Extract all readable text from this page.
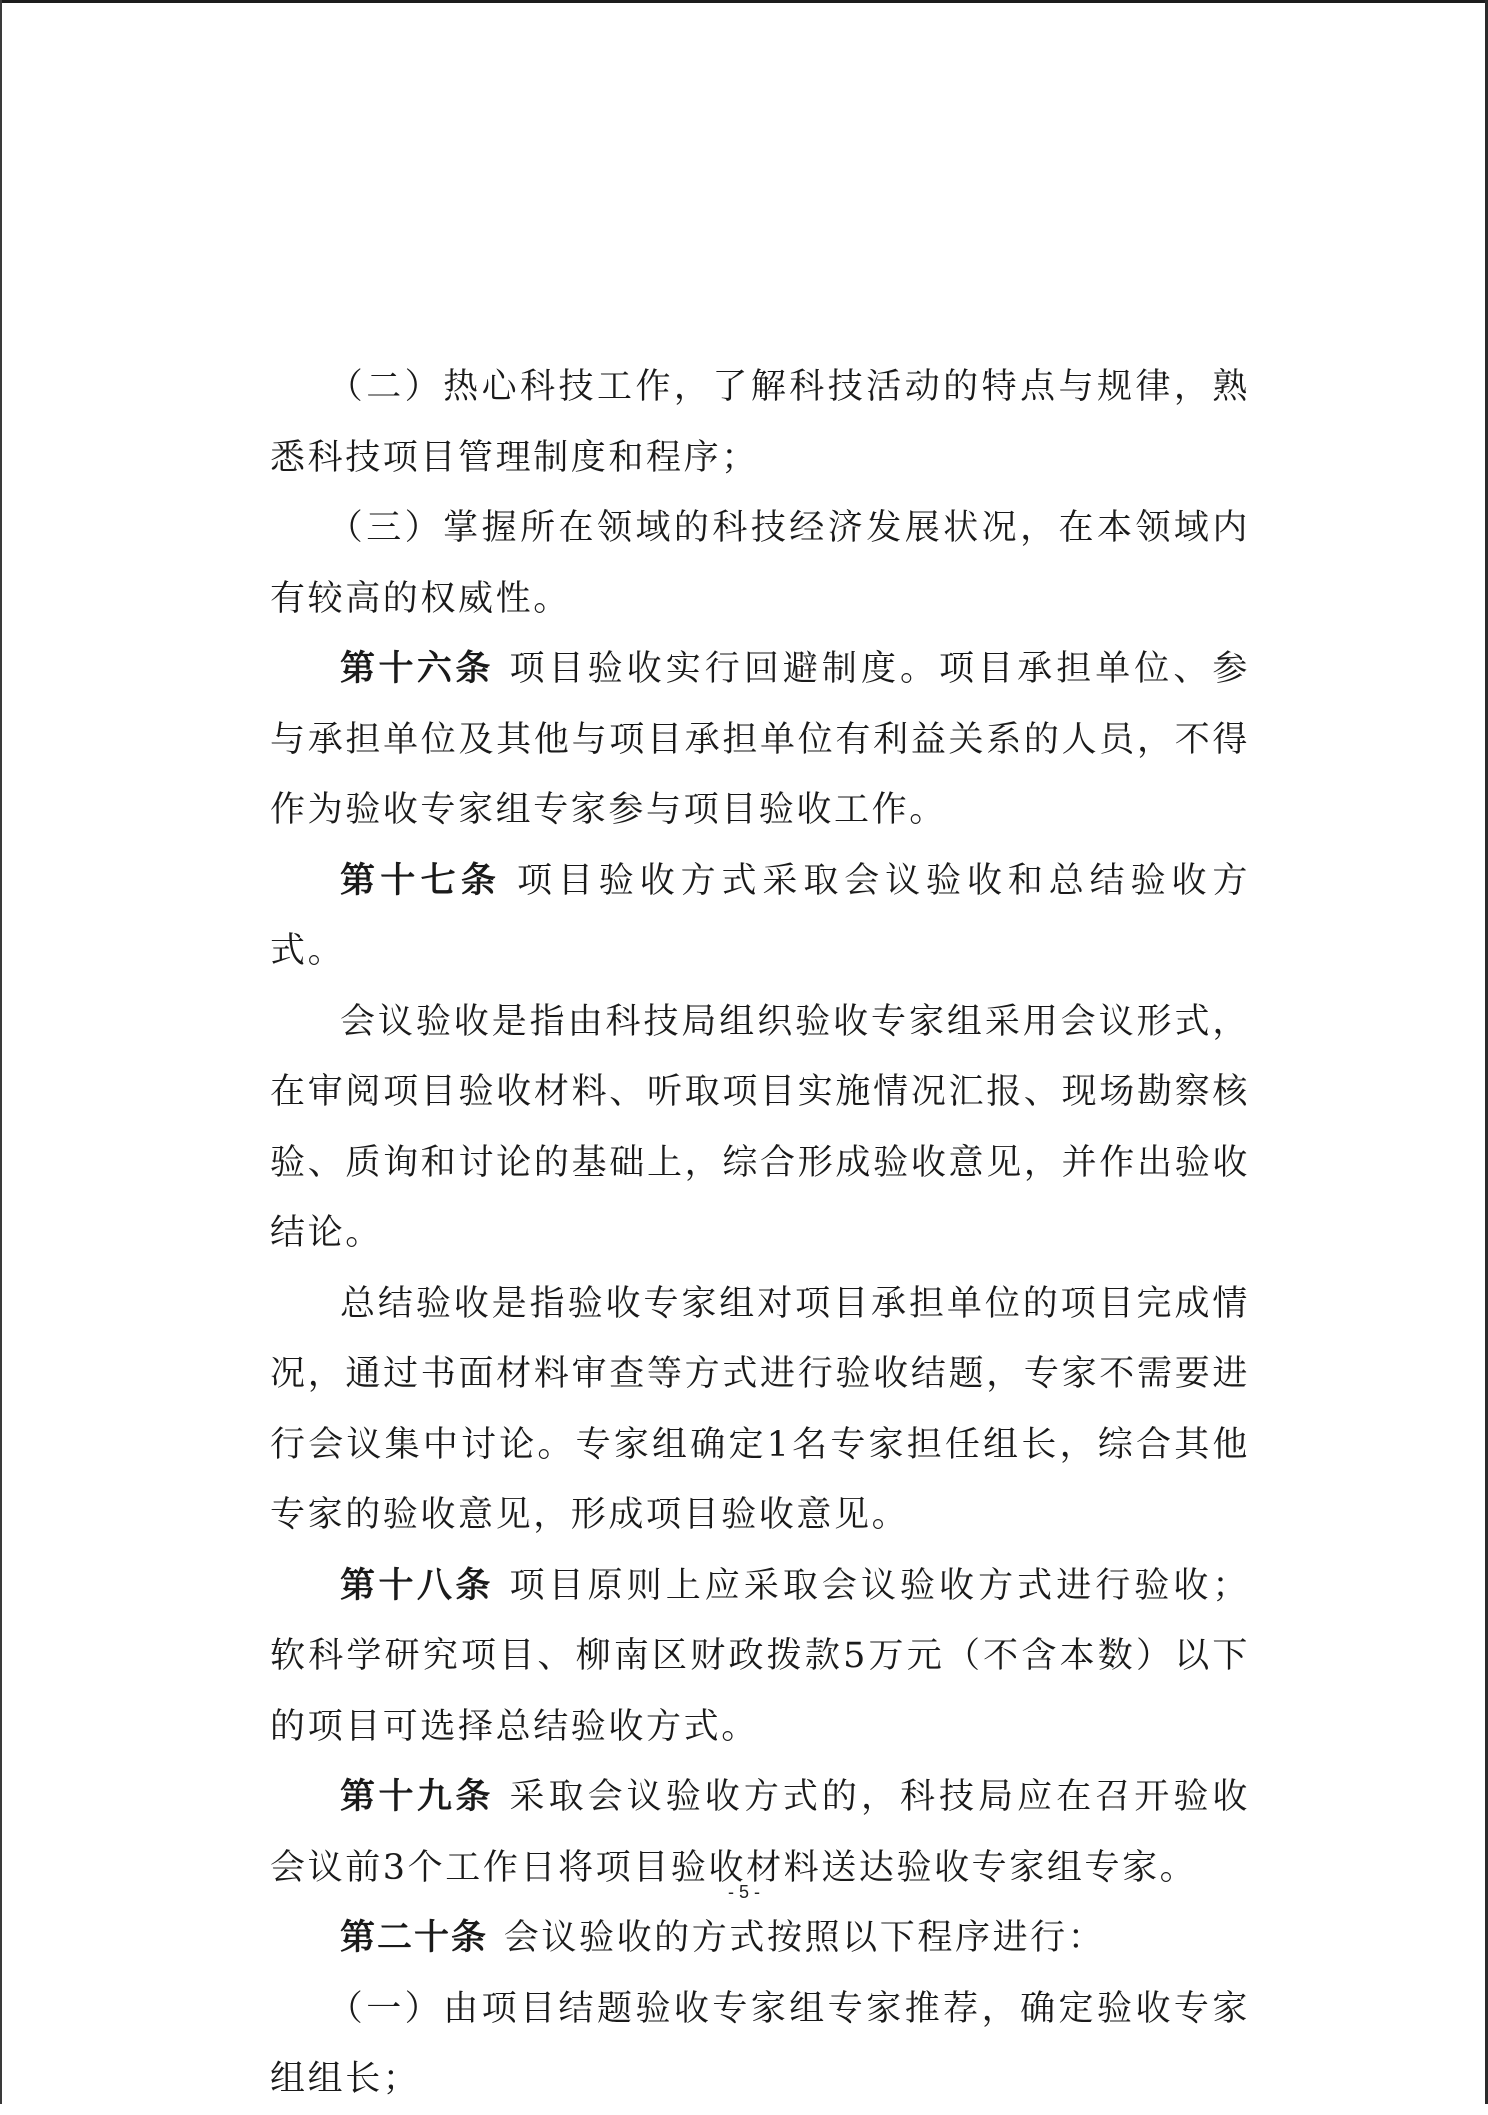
（二）热心科技工作，了解科技活动的特点与规律，熟悉科技项目管理制度和程序；

（三）掌握所在领域的科技经济发展状况，在本领域内有较高的权威性。

第十六条 项目验收实行回避制度。项目承担单位、参与承担单位及其他与项目承担单位有利益关系的人员，不得作为验收专家组专家参与项目验收工作。

第十七条 项目验收方式采取会议验收和总结验收方式。

会议验收是指由科技局组织验收专家组采用会议形式，在审阅项目验收材料、听取项目实施情况汇报、现场勘察核验、质询和讨论的基础上，综合形成验收意见，并作出验收结论。

总结验收是指验收专家组对项目承担单位的项目完成情况，通过书面材料审查等方式进行验收结题，专家不需要进行会议集中讨论。专家组确定1名专家担任组长，综合其他专家的验收意见，形成项目验收意见。

第十八条 项目原则上应采取会议验收方式进行验收；软科学研究项目、柳南区财政拨款5万元（不含本数）以下的项目可选择总结验收方式。

第十九条 采取会议验收方式的，科技局应在召开验收会议前3个工作日将项目验收材料送达验收专家组专家。

第二十条 会议验收的方式按照以下程序进行：

（一）由项目结题验收专家组专家推荐，确定验收专家组组长；

- 5 -
